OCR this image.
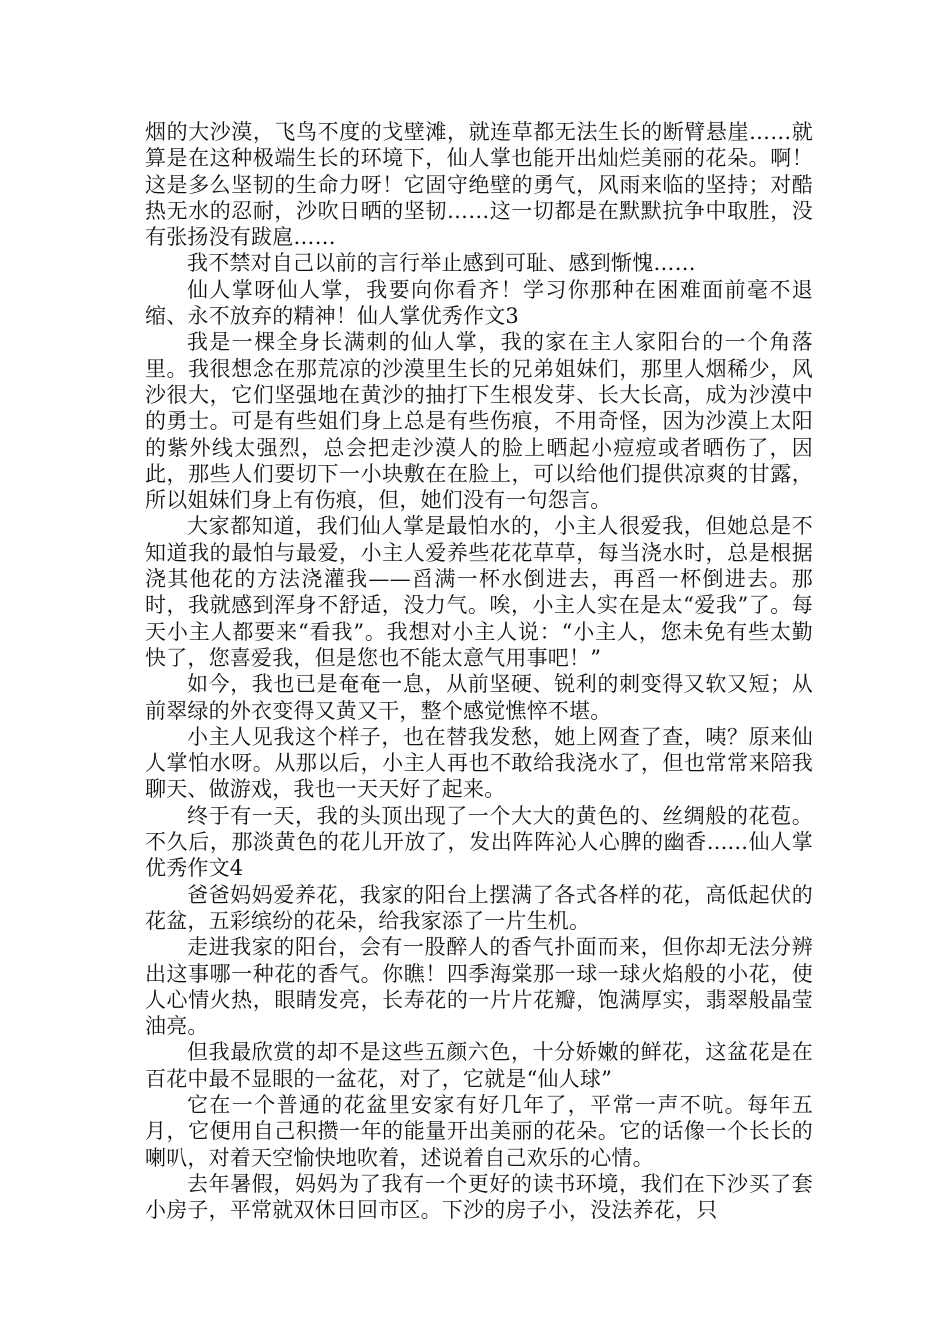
烟的大沙漠，飞鸟不度的戈壁滩，就连草都无法生长的断臂悬崖……就算是在这种极端生长的环境下，仙人掌也能开出灿烂美丽的花朵。啊！这是多么坚韧的生命力呀！它固守绝壁的勇气，风雨来临的坚持；对酷热无水的忍耐，沙吹日晒的坚韧……这一切都是在默默抗争中取胜，没有张扬没有跋扈……

我不禁对自己以前的言行举止感到可耻、感到惭愧……

仙人掌呀仙人掌，我要向你看齐！学习你那种在困难面前毫不退缩、永不放弃的精神！仙人掌优秀作文3

我是一棵全身长满刺的仙人掌，我的家在主人家阳台的一个角落里。我很想念在那荒凉的沙漠里生长的兄弟姐妹们，那里人烟稀少，风沙很大，它们坚强地在黄沙的抽打下生根发芽、长大长高，成为沙漠中的勇士。可是有些姐们身上总是有些伤痕，不用奇怪，因为沙漠上太阳的紫外线太强烈，总会把走沙漠人的脸上晒起小痘痘或者晒伤了，因此，那些人们要切下一小块敷在在脸上，可以给他们提供凉爽的甘露，所以姐妹们身上有伤痕，但，她们没有一句怨言。

大家都知道，我们仙人掌是最怕水的，小主人很爱我，但她总是不知道我的最怕与最爱，小主人爱养些花花草草，每当浇水时，总是根据浇其他花的方法浇灌我——舀满一杯水倒进去，再舀一杯倒进去。那时，我就感到浑身不舒适，没力气。唉，小主人实在是太“爱我”了。每天小主人都要来“看我”。我想对小主人说：“小主人，您未免有些太勤快了，您喜爱我，但是您也不能太意气用事吧！”

如今，我也已是奄奄一息，从前坚硬、锐利的刺变得又软又短；从前翠绿的外衣变得又黄又干，整个感觉憔悴不堪。

小主人见我这个样子，也在替我发愁，她上网查了查，咦？原来仙人掌怕水呀。从那以后，小主人再也不敢给我浇水了，但也常常来陪我聊天、做游戏，我也一天天好了起来。

终于有一天，我的头顶出现了一个大大的黄色的、丝绸般的花苞。不久后，那淡黄色的花儿开放了，发出阵阵沁人心脾的幽香......仙人掌优秀作文4

爸爸妈妈爱养花，我家的阳台上摆满了各式各样的花，高低起伏的花盆，五彩缤纷的花朵，给我家添了一片生机。

走进我家的阳台，会有一股醉人的香气扑面而来，但你却无法分辨出这事哪一种花的香气。你瞧！四季海棠那一球一球火焰般的小花，使人心情火热，眼睛发亮，长寿花的一片片花瓣，饱满厚实，翡翠般晶莹油亮。

但我最欣赏的却不是这些五颜六色，十分娇嫩的鲜花，这盆花是在百花中最不显眼的一盆花，对了，它就是“仙人球”

它在一个普通的花盆里安家有好几年了，平常一声不吭。每年五月，它便用自己积攒一年的能量开出美丽的花朵。它的话像一个长长的喇叭，对着天空愉快地吹着，述说着自己欢乐的心情。

去年暑假，妈妈为了我有一个更好的读书环境，我们在下沙买了套小房子，平常就双休日回市区。下沙的房子小，没法养花，只
